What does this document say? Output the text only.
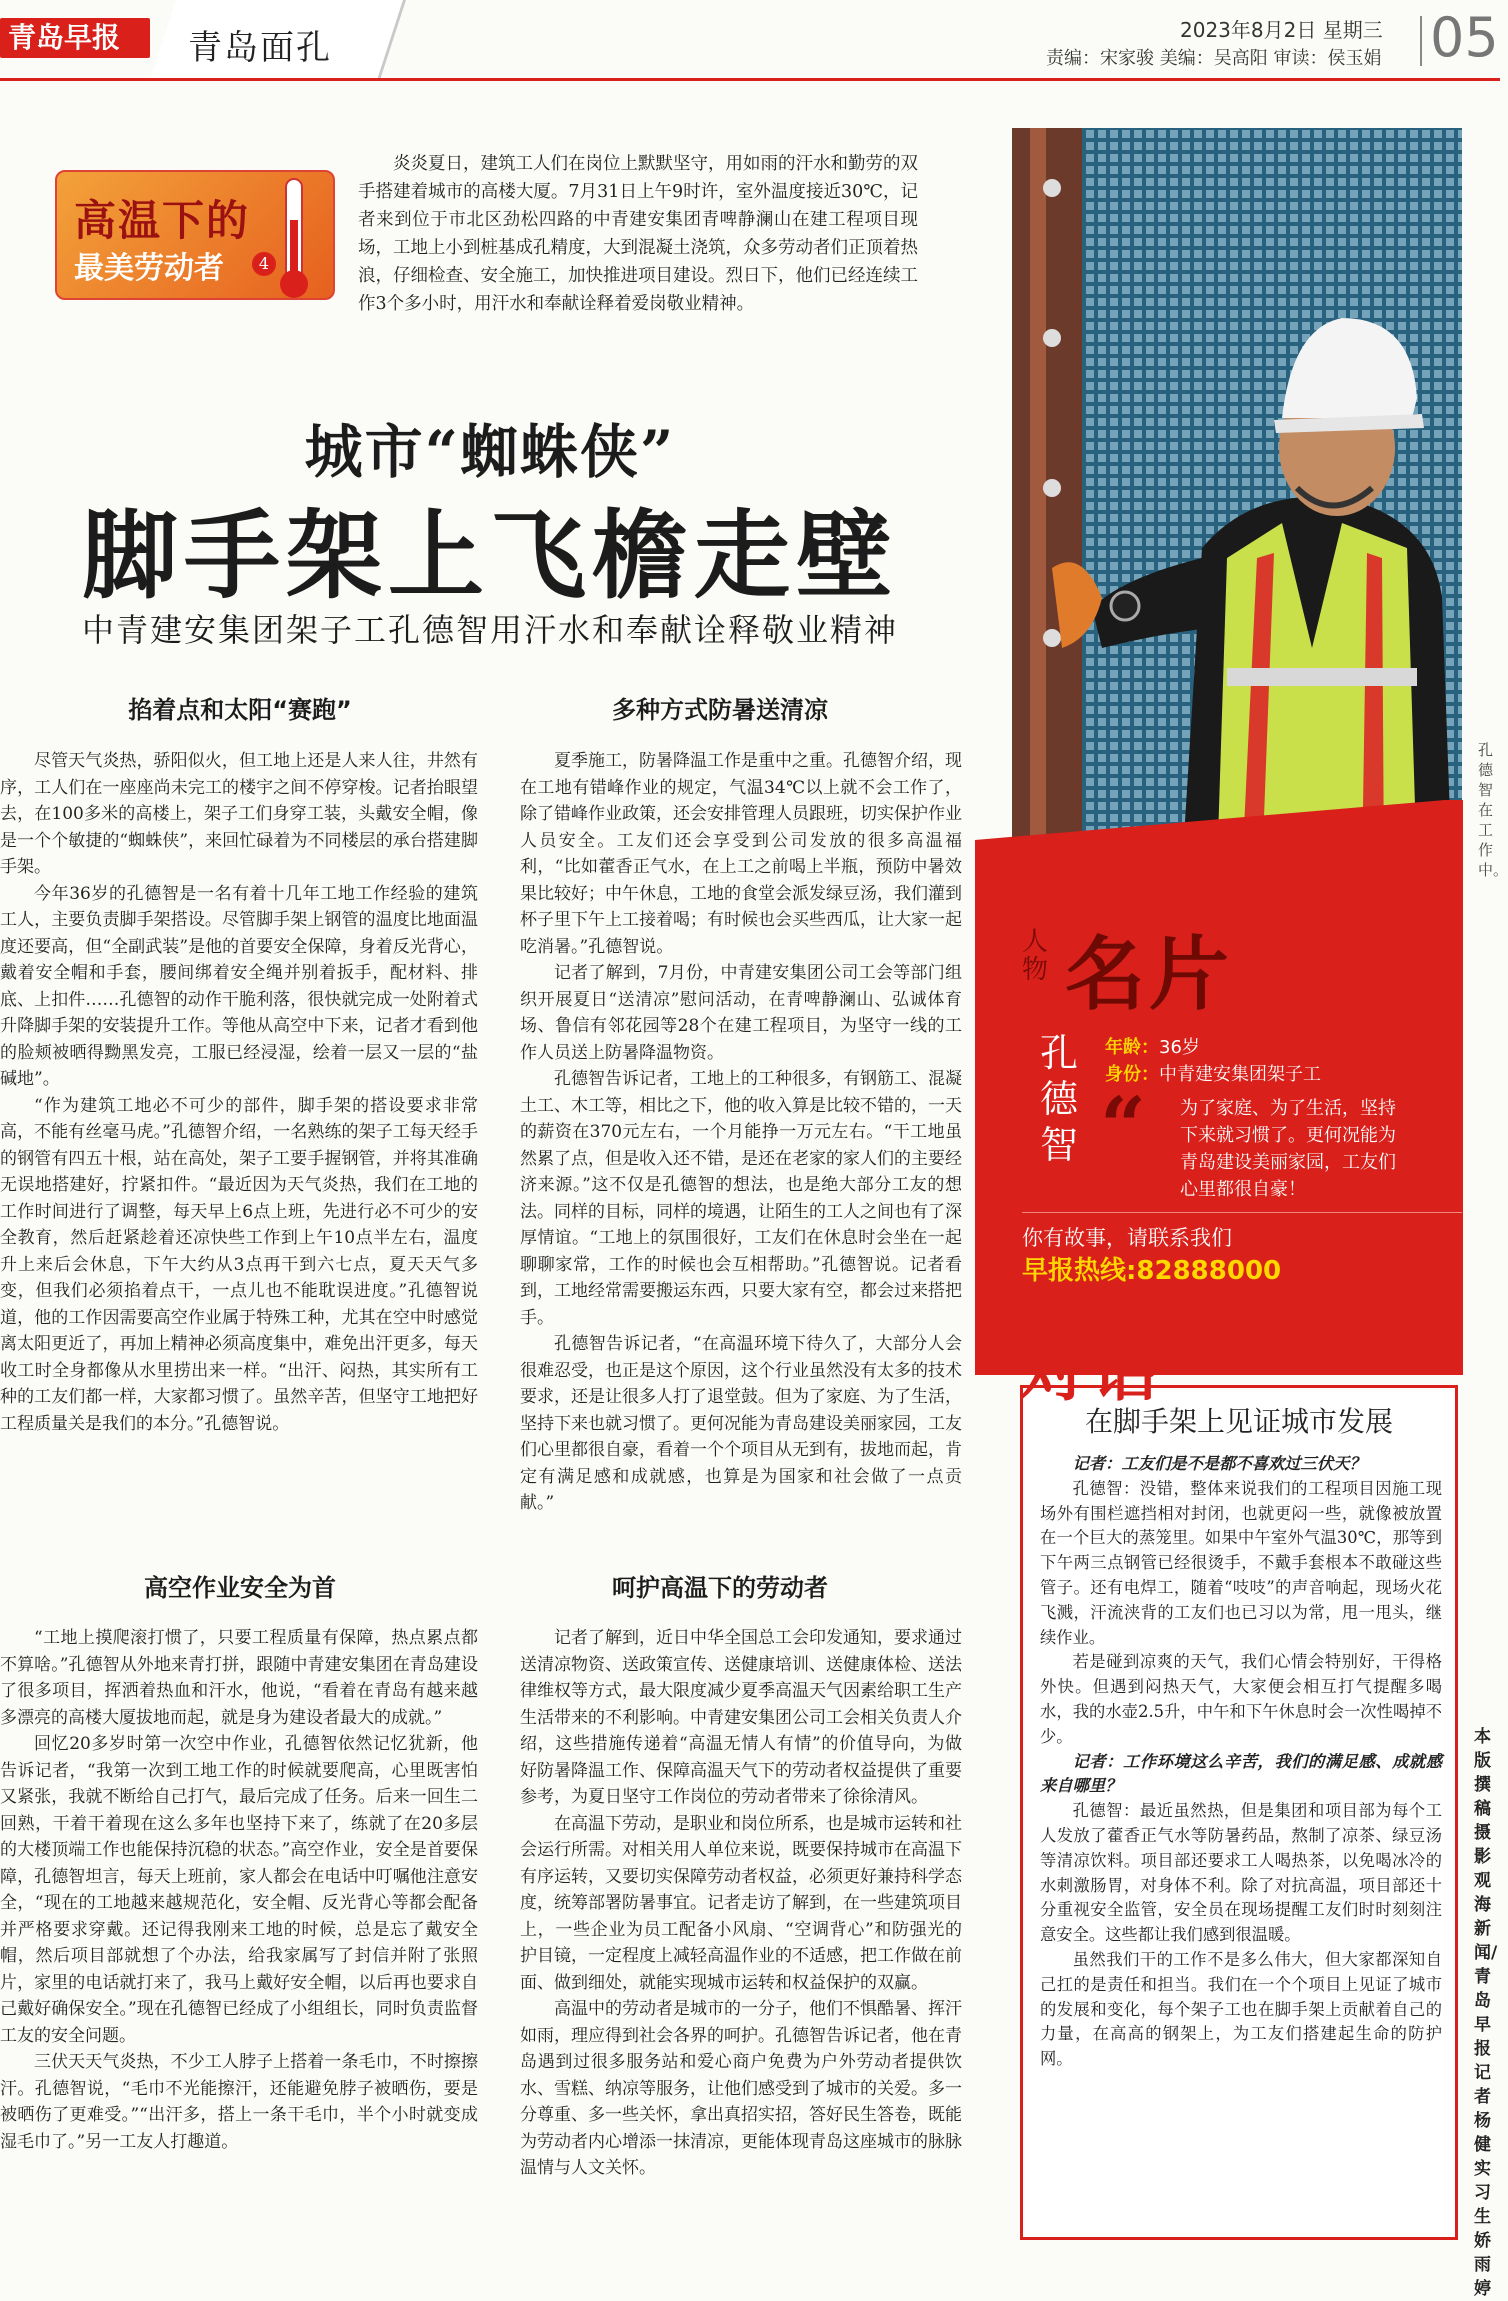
青岛早报	青岛面孔	2023年8月2日 星期三
责编：宋家骏 美编：吴高阳 审读：侯玉娟 05
高温下的
最美劳动者	4
炎炎夏日，建筑工人们在岗位上默默坚守，用如雨的汗水和勤劳的双手搭建着城市的高楼大厦。7月31日上午9时许，室外温度接近30℃，记者来到位于市北区劲松四路的中青建安集团青啤静澜山在建工程项目现场，工地上小到桩基成孔精度，大到混凝土浇筑，众多劳动者们正顶着热浪，仔细检查、安全施工，加快推进项目建设。烈日下，他们已经连续工作3个多小时，用汗水和奉献诠释着爱岗敬业精神。
城市“蜘蛛侠”
脚手架上飞檐走壁
中青建安集团架子工孔德智用汗水和奉献诠释敬业精神
掐着点和太阳“赛跑”

尽管天气炎热，骄阳似火，但工地上还是人来人往，井然有序，工人们在一座座尚未完工的楼宇之间不停穿梭。记者抬眼望去，在100多米的高楼上，架子工们身穿工装，头戴安全帽，像是一个个敏捷的“蜘蛛侠”，来回忙碌着为不同楼层的承台搭建脚手架。

今年36岁的孔德智是一名有着十几年工地工作经验的建筑工人，主要负责脚手架搭设。尽管脚手架上钢管的温度比地面温度还要高，但“全副武装”是他的首要安全保障，身着反光背心，戴着安全帽和手套，腰间绑着安全绳并别着扳手，配材料、排底、上扣件……孔德智的动作干脆利落，很快就完成一处附着式升降脚手架的安装提升工作。等他从高空中下来，记者才看到他的脸颊被晒得黝黑发亮，工服已经浸湿，绘着一层又一层的“盐碱地”。

“作为建筑工地必不可少的部件，脚手架的搭设要求非常高，不能有丝毫马虎。”孔德智介绍，一名熟练的架子工每天经手的钢管有四五十根，站在高处，架子工要手握钢管，并将其准确无误地搭建好，拧紧扣件。“最近因为天气炎热，我们在工地的工作时间进行了调整，每天早上6点上班，先进行必不可少的安全教育，然后赶紧趁着还凉快些工作到上午10点半左右，温度升上来后会休息，下午大约从3点再干到六七点，夏天天气多变，但我们必须掐着点干，一点儿也不能耽误进度。”孔德智说道，他的工作因需要高空作业属于特殊工种，尤其在空中时感觉离太阳更近了，再加上精神必须高度集中，难免出汗更多，每天收工时全身都像从水里捞出来一样。“出汗、闷热，其实所有工种的工友们都一样，大家都习惯了。虽然辛苦，但坚守工地把好工程质量关是我们的本分。”孔德智说。

多种方式防暑送清凉

夏季施工，防暑降温工作是重中之重。孔德智介绍，现在工地有错峰作业的规定，气温34℃以上就不会工作了，除了错峰作业政策，还会安排管理人员跟班，切实保护作业人员安全。工友们还会享受到公司发放的很多高温福利，“比如藿香正气水，在上工之前喝上半瓶，预防中暑效果比较好；中午休息，工地的食堂会派发绿豆汤，我们灌到杯子里下午上工接着喝；有时候也会买些西瓜，让大家一起吃消暑。”孔德智说。

记者了解到，7月份，中青建安集团公司工会等部门组织开展夏日“送清凉”慰问活动，在青啤静澜山、弘诚体育场、鲁信有邻花园等28个在建工程项目，为坚守一线的工作人员送上防暑降温物资。

孔德智告诉记者，工地上的工种很多，有钢筋工、混凝土工、木工等，相比之下，他的收入算是比较不错的，一天的薪资在370元左右，一个月能挣一万元左右。“干工地虽然累了点，但是收入还不错，是还在老家的家人们的主要经济来源。”这不仅是孔德智的想法，也是绝大部分工友的想法。同样的目标，同样的境遇，让陌生的工人之间也有了深厚情谊。“工地上的氛围很好，工友们在休息时会坐在一起聊聊家常，工作的时候也会互相帮助。”孔德智说。记者看到，工地经常需要搬运东西，只要大家有空，都会过来搭把手。

孔德智告诉记者，“在高温环境下待久了，大部分人会很难忍受，也正是这个原因，这个行业虽然没有太多的技术要求，还是让很多人打了退堂鼓。但为了家庭、为了生活，坚持下来也就习惯了。更何况能为青岛建设美丽家园，工友们心里都很自豪，看着一个个项目从无到有，拔地而起，肯定有满足感和成就感，也算是为国家和社会做了一点贡献。”

高空作业安全为首

“工地上摸爬滚打惯了，只要工程质量有保障，热点累点都不算啥。”孔德智从外地来青打拼，跟随中青建安集团在青岛建设了很多项目，挥洒着热血和汗水，他说，“看着在青岛有越来越多漂亮的高楼大厦拔地而起，就是身为建设者最大的成就。”

回忆20多岁时第一次空中作业，孔德智依然记忆犹新，他告诉记者，“我第一次到工地工作的时候就要爬高，心里既害怕又紧张，我就不断给自己打气，最后完成了任务。后来一回生二回熟，干着干着现在这么多年也坚持下来了，练就了在20多层的大楼顶端工作也能保持沉稳的状态。”高空作业，安全是首要保障，孔德智坦言，每天上班前，家人都会在电话中叮嘱他注意安全，“现在的工地越来越规范化，安全帽、反光背心等都会配备并严格要求穿戴。还记得我刚来工地的时候，总是忘了戴安全帽，然后项目部就想了个办法，给我家属写了封信并附了张照片，家里的电话就打来了，我马上戴好安全帽，以后再也要求自己戴好确保安全。”现在孔德智已经成了小组组长，同时负责监督工友的安全问题。

三伏天天气炎热，不少工人脖子上搭着一条毛巾，不时擦擦汗。孔德智说，“毛巾不光能擦汗，还能避免脖子被晒伤，要是被晒伤了更难受。”“出汗多，搭上一条干毛巾，半个小时就变成湿毛巾了。”另一工友人打趣道。

呵护高温下的劳动者

记者了解到，近日中华全国总工会印发通知，要求通过送清凉物资、送政策宣传、送健康培训、送健康体检、送法律维权等方式，最大限度减少夏季高温天气因素给职工生产生活带来的不利影响。中青建安集团公司工会相关负责人介绍，这些措施传递着“高温无情人有情”的价值导向，为做好防暑降温工作、保障高温天气下的劳动者权益提供了重要参考，为夏日坚守工作岗位的劳动者带来了徐徐清风。

在高温下劳动，是职业和岗位所系，也是城市运转和社会运行所需。对相关用人单位来说，既要保持城市在高温下有序运转，又要切实保障劳动者权益，必须更好兼持科学态度，统筹部署防暑事宜。记者走访了解到，在一些建筑项目上，一些企业为员工配备小风扇、“空调背心”和防强光的护目镜，一定程度上减轻高温作业的不适感，把工作做在前面、做到细处，就能实现城市运转和权益保护的双赢。

高温中的劳动者是城市的一分子，他们不惧酷暑、挥汗如雨，理应得到社会各界的呵护。孔德智告诉记者，他在青岛遇到过很多服务站和爱心商户免费为户外劳动者提供饮水、雪糕、纳凉等服务，让他们感受到了城市的关爱。多一分尊重、多一些关怀，拿出真招实招，答好民生答卷，既能为劳动者内心增添一抹清凉，更能体现青岛这座城市的脉脉温情与人文关怀。

孔德智在工作中。
人物 名片
孔德智
年龄：36岁
身份：中青建安集团架子工
“ 为了家庭、为了生活，坚持下来就习惯了。更何况能为青岛建设美丽家园，工友们心里都很自豪！
你有故事，请联系我们
早报热线:82888000
对话
在脚手架上见证城市发展

记者：工友们是不是都不喜欢过三伏天？

孔德智：没错，整体来说我们的工程项目因施工现场外有围栏遮挡相对封闭，也就更闷一些，就像被放置在一个巨大的蒸笼里。如果中午室外气温30℃，那等到下午两三点钢管已经很烫手，不戴手套根本不敢碰这些管子。还有电焊工，随着“吱吱”的声音响起，现场火花飞溅，汗流浃背的工友们也已习以为常，甩一甩头，继续作业。

若是碰到凉爽的天气，我们心情会特别好，干得格外快。但遇到闷热天气，大家便会相互打气提醒多喝水，我的水壶2.5升，中午和下午休息时会一次性喝掉不少。

记者：工作环境这么辛苦，我们的满足感、成就感来自哪里？

孔德智：最近虽然热，但是集团和项目部为每个工人发放了藿香正气水等防暑药品，熬制了凉茶、绿豆汤等清凉饮料。项目部还要求工人喝热茶，以免喝冰冷的水刺激肠胃，对身体不利。除了对抗高温，项目部还十分重视安全监管，安全员在现场提醒工友们时时刻刻注意安全。这些都让我们感到很温暖。

虽然我们干的工作不是多么伟大，但大家都深知自己扛的是责任和担当。我们在一个个项目上见证了城市的发展和变化，每个架子工也在脚手架上贡献着自己的力量，在高高的钢架上，为工友们搭建起生命的防护网。

本版撰稿摄影 观海新闻/青岛早报记者 杨健 实习生 娇雨婷
